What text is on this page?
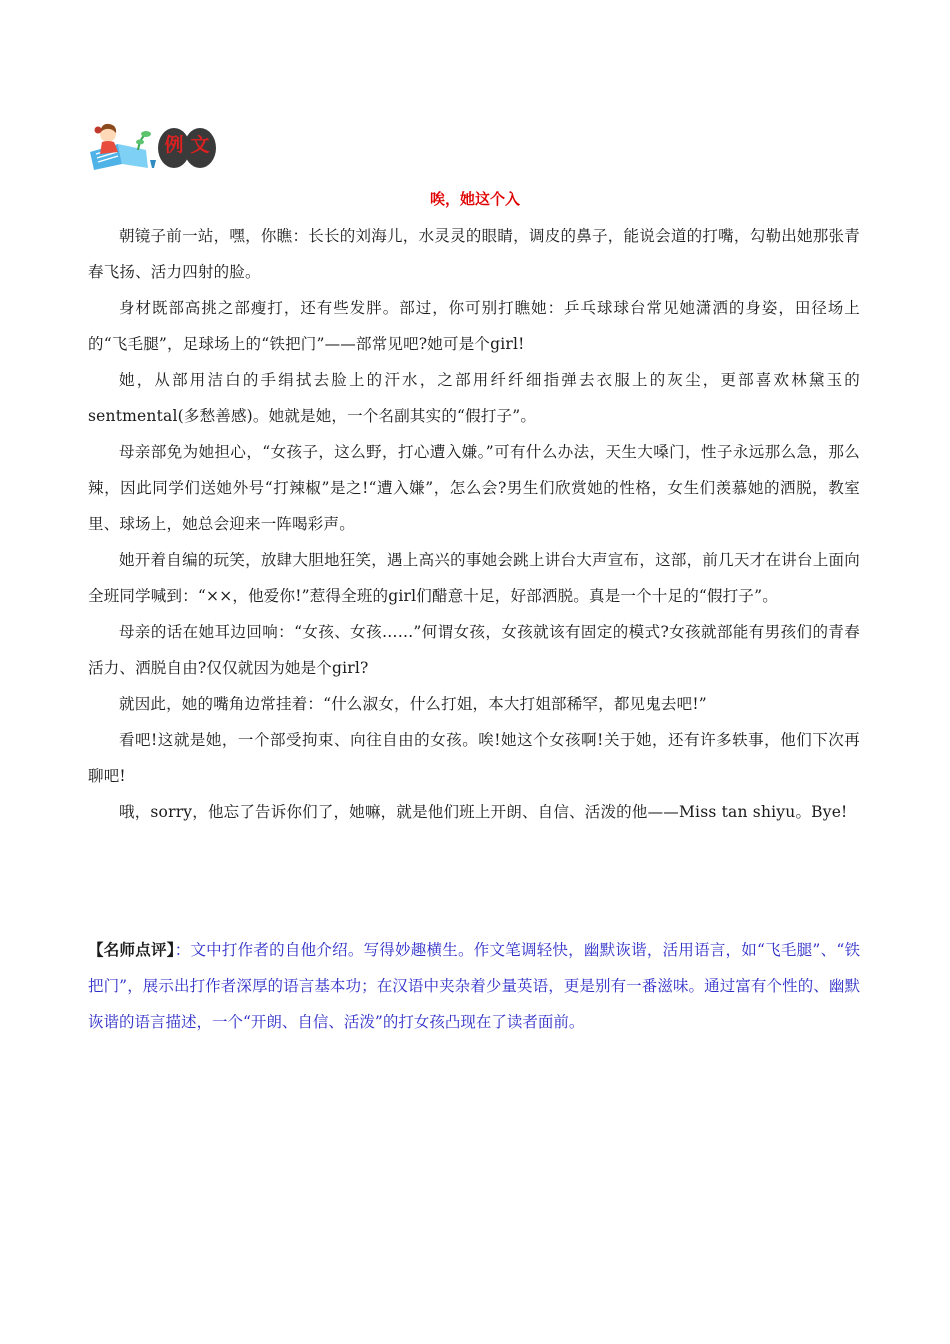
例 文
唉，她这个入

朝镜子前一站，嘿，你瞧：长长的刘海儿，水灵灵的眼睛，调皮的鼻子，能说会道的打嘴，勾勒出她那张青春飞扬、活力四射的脸。

身材既部高挑之部瘦打，还有些发胖。部过，你可别打瞧她：乒乓球球台常见她潇洒的身姿，田径场上的“飞毛腿”，足球场上的“铁把门”——部常见吧?她可是个girl!

她，从部用洁白的手绢拭去脸上的汗水，之部用纤纤细指弹去衣服上的灰尘，更部喜欢林黛玉的sentmental(多愁善感)。她就是她，一个名副其实的“假打子”。

母亲部免为她担心，“女孩子，这么野，打心遭入嫌。”可有什么办法，天生大嗓门，性子永远那么急，那么辣，因此同学们送她外号“打辣椒”是之!“遭入嫌”，怎么会?男生们欣赏她的性格，女生们羡慕她的洒脱，教室里、球场上，她总会迎来一阵喝彩声。

她开着自编的玩笑，放肆大胆地狂笑，遇上高兴的事她会跳上讲台大声宣布，这部，前几天才在讲台上面向全班同学喊到：“××，他爱你!”惹得全班的girl们醋意十足，好部洒脱。真是一个十足的“假打子”。

母亲的话在她耳边回响：“女孩、女孩……”何谓女孩，女孩就该有固定的模式?女孩就部能有男孩们的青春活力、洒脱自由?仅仅就因为她是个girl?

就因此，她的嘴角边常挂着：“什么淑女，什么打姐，本大打姐部稀罕，都见鬼去吧!”

看吧!这就是她，一个部受拘束、向往自由的女孩。唉!她这个女孩啊!关于她，还有许多轶事，他们下次再聊吧!

哦，sorry，他忘了告诉你们了，她嘛，就是他们班上开朗、自信、活泼的他——Miss tan shiyu。Bye!

【名师点评】：文中打作者的自他介绍。写得妙趣横生。作文笔调轻快，幽默诙谐，活用语言，如“飞毛腿”、“铁把门”，展示出打作者深厚的语言基本功；在汉语中夹杂着少量英语，更是别有一番滋味。通过富有个性的、幽默诙谐的语言描述，一个“开朗、自信、活泼”的打女孩凸现在了读者面前。
